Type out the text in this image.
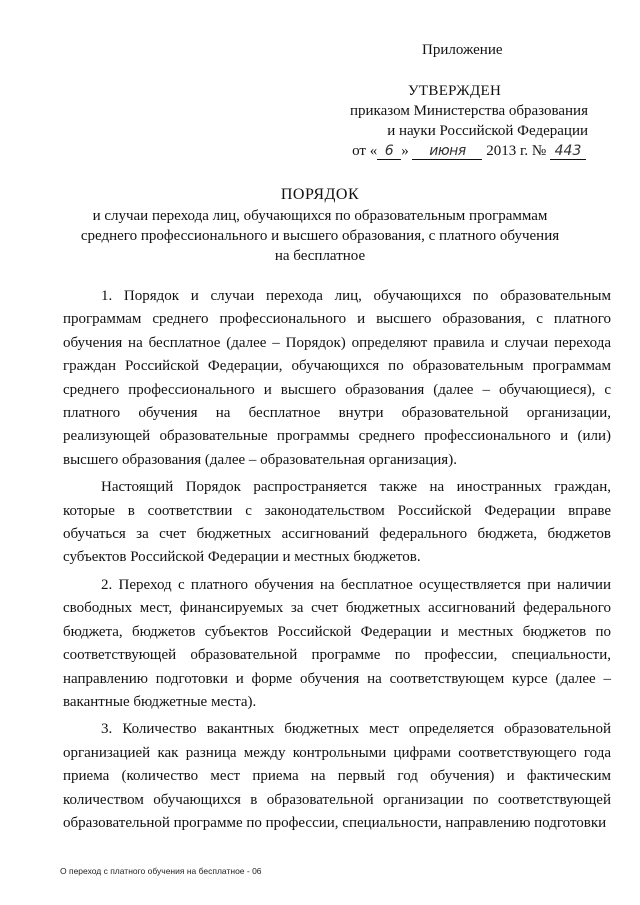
Приложение
УТВЕРЖДЕН
приказом Министерства образования
и науки Российской Федерации
от « 6 » июня 2013 г. № 443
ПОРЯДОК
и случаи перехода лиц, обучающихся по образовательным программам
среднего профессионального и высшего образования, с платного обучения
на бесплатное

1. Порядок и случаи перехода лиц, обучающихся по образовательным программам среднего профессионального и высшего образования, с платного обучения на бесплатное (далее – Порядок) определяют правила и случаи перехода граждан Российской Федерации, обучающихся по образовательным программам среднего профессионального и высшего образования (далее – обучающиеся), с платного обучения на бесплатное внутри образовательной организации, реализующей образовательные программы среднего профессионального и (или) высшего образования (далее – образовательная организация).

Настоящий Порядок распространяется также на иностранных граждан, которые в соответствии с законодательством Российской Федерации вправе обучаться за счет бюджетных ассигнований федерального бюджета, бюджетов субъектов Российской Федерации и местных бюджетов.

2. Переход с платного обучения на бесплатное осуществляется при наличии свободных мест, финансируемых за счет бюджетных ассигнований федерального бюджета, бюджетов субъектов Российской Федерации и местных бюджетов по соответствующей образовательной программе по профессии, специальности, направлению подготовки и форме обучения на соответствующем курсе (далее – вакантные бюджетные места).

3. Количество вакантных бюджетных мест определяется образовательной организацией как разница между контрольными цифрами соответствующего года приема (количество мест приема на первый год обучения) и фактическим количеством обучающихся в образовательной организации по соответствующей образовательной программе по профессии, специальности, направлению подготовки

О переход с платного обучения на бесплатное - 06
